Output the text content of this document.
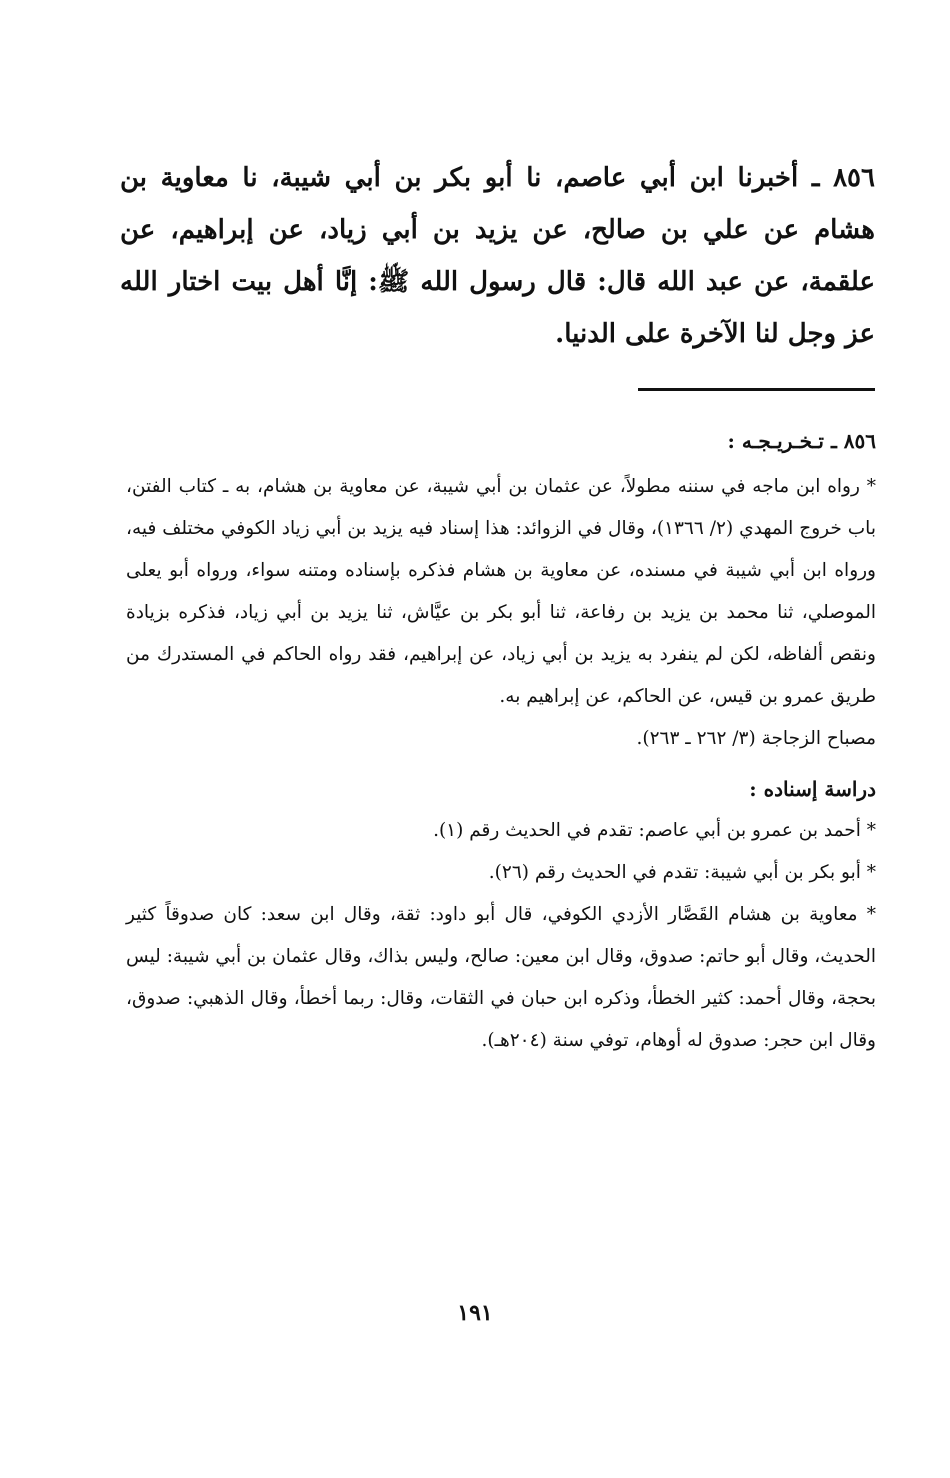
٨٥٦ ـ أخبرنا ابن أبي عاصم، نا أبو بكر بن أبي شيبة، نا معاوية بن هشام عن علي بن صالح، عن يزيد بن أبي زياد، عن إبراهيم، عن علقمة، عن عبد الله قال: قال رسول الله ﷺ: إنَّا أهل بيت اختار الله عز وجل لنا الآخرة على الدنيا.

٨٥٦ ـ تـخـريـجـه :

* رواه ابن ماجه في سننه مطولاً، عن عثمان بن أبي شيبة، عن معاوية بن هشام، به ـ كتاب الفتن، باب خروج المهدي (٢/ ١٣٦٦)، وقال في الزوائد: هذا إسناد فيه يزيد بن أبي زياد الكوفي مختلف فيه، ورواه ابن أبي شيبة في مسنده، عن معاوية بن هشام فذكره بإسناده ومتنه سواء، ورواه أبو يعلى الموصلي، ثنا محمد بن يزيد بن رفاعة، ثنا أبو بكر بن عيَّاش، ثنا يزيد بن أبي زياد، فذكره بزيادة ونقص ألفاظه، لكن لم ينفرد به يزيد بن أبي زياد، عن إبراهيم، فقد رواه الحاكم في المستدرك من طريق عمرو بن قيس، عن الحاكم، عن إبراهيم به.

مصباح الزجاجة (٣/ ٢٦٢ ـ ٢٦٣).

دراسة إسناده :

* أحمد بن عمرو بن أبي عاصم: تقدم في الحديث رقم (١).

* أبو بكر بن أبي شيبة: تقدم في الحديث رقم (٢٦).

* معاوية بن هشام القَصَّار الأزدي الكوفي، قال أبو داود: ثقة، وقال ابن سعد: كان صدوقاً كثير الحديث، وقال أبو حاتم: صدوق، وقال ابن معين: صالح، وليس بذاك، وقال عثمان بن أبي شيبة: ليس بحجة، وقال أحمد: كثير الخطأ، وذكره ابن حبان في الثقات، وقال: ربما أخطأ، وقال الذهبي: صدوق، وقال ابن حجر: صدوق له أوهام، توفي سنة (٢٠٤هـ).

١٩١
